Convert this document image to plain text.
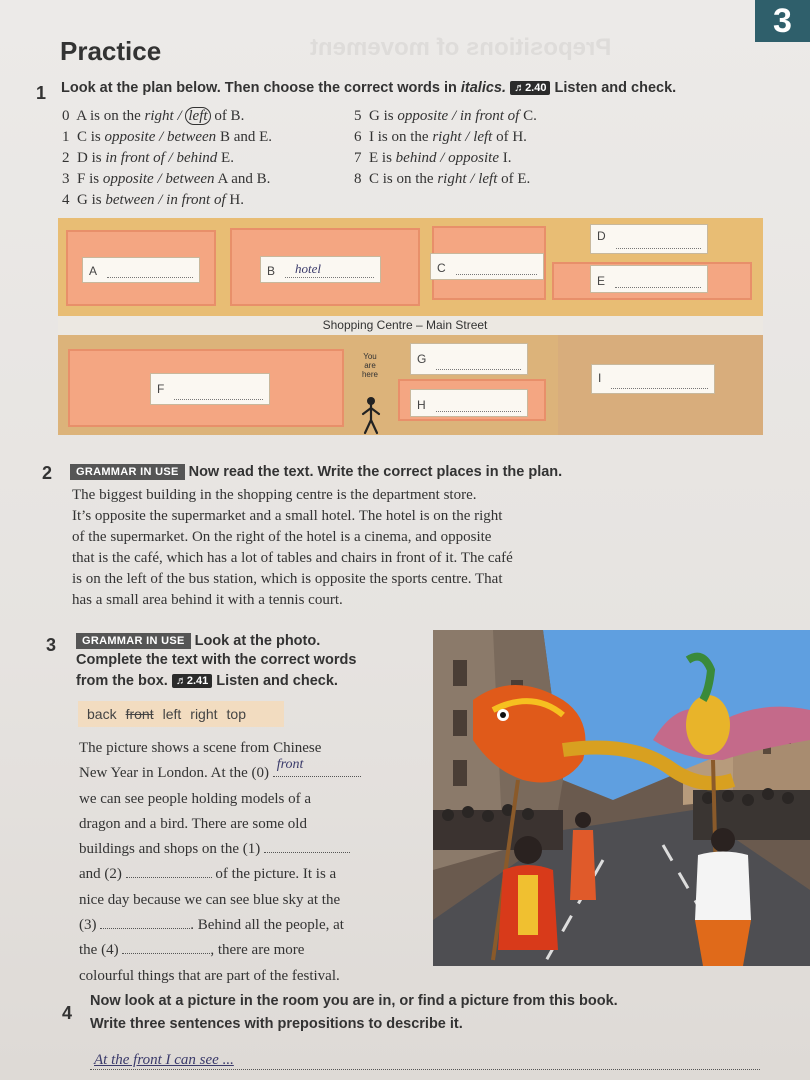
3
Prepositions of movement
Practice
1 Look at the plan below. Then choose the correct words in italics. ♬2.40 Listen and check.
0 A is on the right / left of B.
1 C is opposite / between B and E.
2 D is in front of / behind E.
3 F is opposite / between A and B.
4 G is between / in front of H.
5 G is opposite / in front of C.
6 I is on the right / left of H.
7 E is behind / opposite I.
8 C is on the right / left of E.
Shopping Centre – Main Street
A	B hotel	C
D
E
F
G
H
I
You
are
here
2	GRAMMAR IN USE Now read the text. Write the correct places in the plan.
The biggest building in the shopping centre is the department store.
It’s opposite the supermarket and a small hotel. The hotel is on the right
of the supermarket. On the right of the hotel is a cinema, and opposite
that is the café, which has a lot of tables and chairs in front of it. The café
is on the left of the bus station, which is opposite the sports centre. That
has a small area behind it with a tennis court.
3	GRAMMAR IN USE Look at the photo.
Complete the text with the correct words
from the box. ♬2.41 Listen and check.
back front left right top
The picture shows a scene from Chinese
New Year in London. At the (0)
front
we can see people holding models of a
dragon and a bird. There are some old
buildings and shops on the (1)
and (2)	of the picture. It is a
nice day because we can see blue sky at the
(3)	. Behind all the people, at
the (4)	, there are more
colourful things that are part of the festival.
4
Now look at a picture in the room you are in, or find a picture from this book.
Write three sentences with prepositions to describe it.
At the front I can see ...
